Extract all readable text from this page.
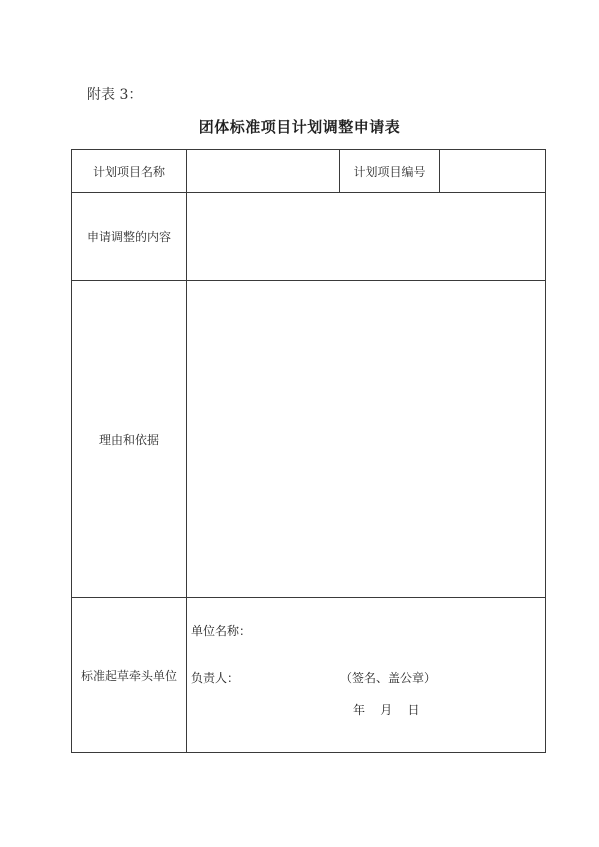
附表 3：
团体标准项目计划调整申请表
计划项目名称		计划项目编号	
申请调整的内容			
理由和依据			
标准起草牵头单位	单位名称：
负责人： （签名、盖公章）
年    月    日		
